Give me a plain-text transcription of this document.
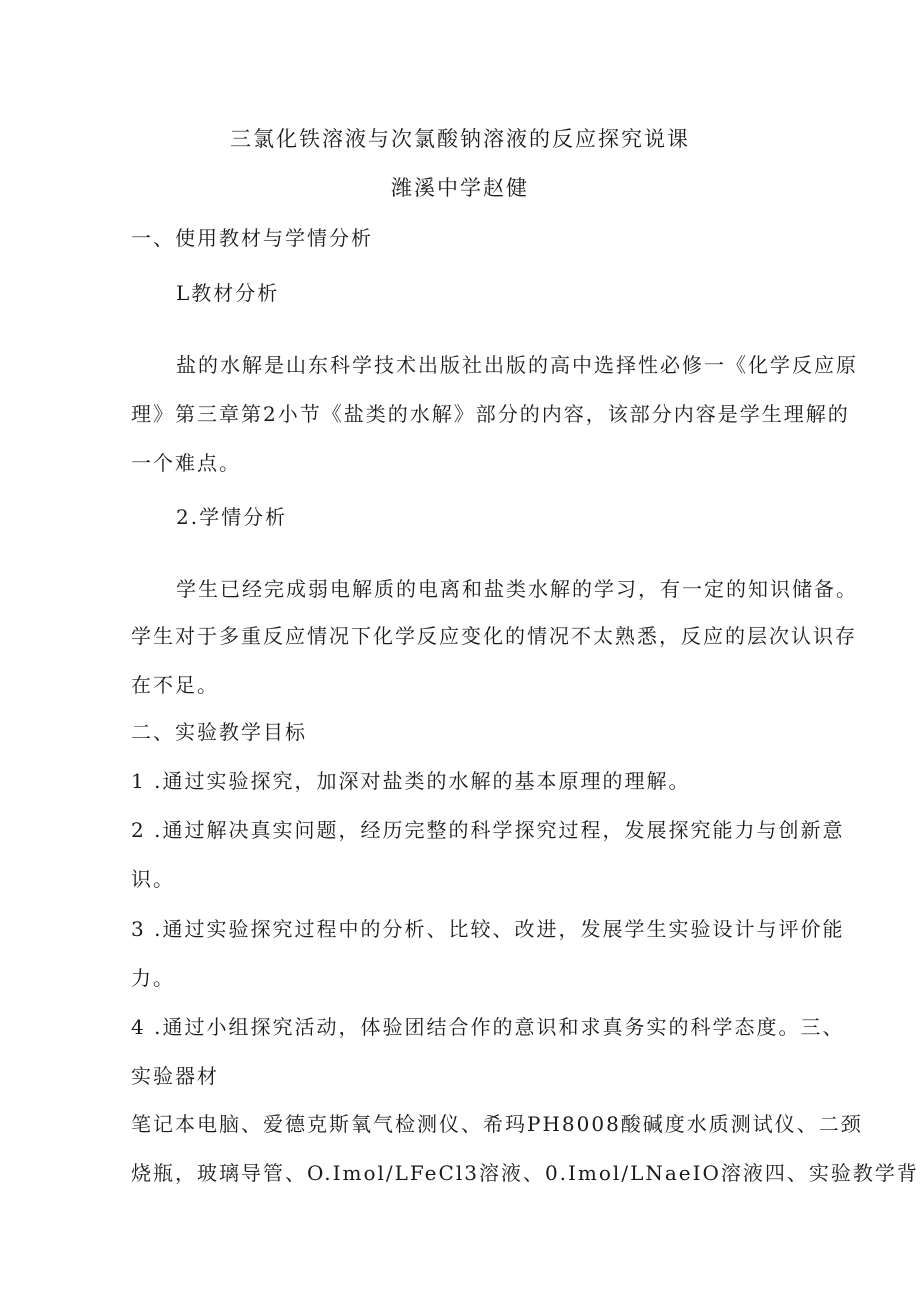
三氯化铁溶液与次氯酸钠溶液的反应探究说课
潍溪中学赵健
一、使用教材与学情分析
L教材分析
盐的水解是山东科学技术出版社出版的高中选择性必修一《化学反应原
理》第三章第2小节《盐类的水解》部分的内容，该部分内容是学生理解的
一个难点。
2.学情分析
学生已经完成弱电解质的电离和盐类水解的学习，有一定的知识储备。
学生对于多重反应情况下化学反应变化的情况不太熟悉，反应的层次认识存
在不足。
二、实验教学目标
1 .通过实验探究，加深对盐类的水解的基本原理的理解。
2 .通过解决真实问题，经历完整的科学探究过程，发展探究能力与创新意
识。
3 .通过实验探究过程中的分析、比较、改进，发展学生实验设计与评价能
力。
4 .通过小组探究活动，体验团结合作的意识和求真务实的科学态度。三、
实验器材
笔记本电脑、爱德克斯氧气检测仪、希玛PH8008酸碱度水质测试仪、二颈
烧瓶，玻璃导管、O.Imol/LFeCl3溶液、0.Imol/LNaeIO溶液四、实验教学背
